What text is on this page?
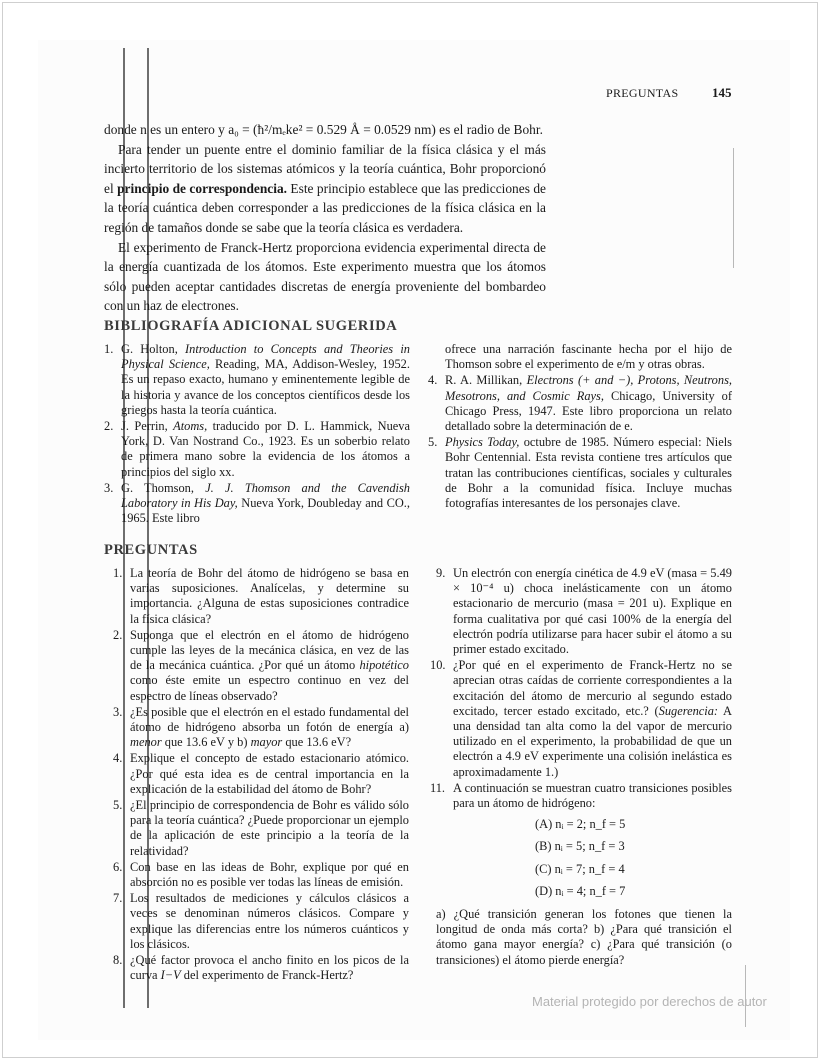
PREGUNTAS	145

donde n es un entero y a₀ = (ħ²/mₑke² = 0.529 Å = 0.0529 nm) es el radio de Bohr.

Para tender un puente entre el dominio familiar de la física clásica y el más incierto territorio de los sistemas atómicos y la teoría cuántica, Bohr proporcionó el principio de correspondencia. Este principio establece que las predicciones de la teoría cuántica deben corresponder a las predicciones de la física clásica en la región de tamaños donde se sabe que la teoría clásica es verdadera.

El experimento de Franck-Hertz proporciona evidencia experimental directa de la energía cuantizada de los átomos. Este experimento muestra que los átomos sólo pueden aceptar cantidades discretas de energía proveniente del bombardeo con un haz de electrones.

BIBLIOGRAFÍA ADICIONAL SUGERIDA
1. G. Holton, Introduction to Concepts and Theories in Physical Science, Reading, MA, Addison-Wesley, 1952. Es un repaso exacto, humano y eminentemente legible de la historia y avance de los conceptos científicos desde los griegos hasta la teoría cuántica.
2. J. Perrin, Atoms, traducido por D. L. Hammick, Nueva York, D. Van Nostrand Co., 1923. Es un soberbio relato de primera mano sobre la evidencia de los átomos a principios del siglo xx.
3. G. Thomson, J. J. Thomson and the Cavendish Laboratory in His Day, Nueva York, Doubleday and CO., 1965. Este libro
ofrece una narración fascinante hecha por el hijo de Thomson sobre el experimento de e/m y otras obras.
4. R. A. Millikan, Electrons (+ and −), Protons, Neutrons, Mesotrons, and Cosmic Rays, Chicago, University of Chicago Press, 1947. Este libro proporciona un relato detallado sobre la determinación de e.
5. Physics Today, octubre de 1985. Número especial: Niels Bohr Centennial. Esta revista contiene tres artículos que tratan las contribuciones científicas, sociales y culturales de Bohr a la comunidad física. Incluye muchas fotografías interesantes de los personajes clave.
PREGUNTAS
1. La teoría de Bohr del átomo de hidrógeno se basa en varias suposiciones. Analícelas, y determine su importancia. ¿Alguna de estas suposiciones contradice la física clásica?
2. Suponga que el electrón en el átomo de hidrógeno cumple las leyes de la mecánica clásica, en vez de las de la mecánica cuántica. ¿Por qué un átomo hipotético como éste emite un espectro continuo en vez del espectro de líneas observado?
3. ¿Es posible que el electrón en el estado fundamental del átomo de hidrógeno absorba un fotón de energía a) menor que 13.6 eV y b) mayor que 13.6 eV?
4. Explique el concepto de estado estacionario atómico. ¿Por qué esta idea es de central importancia en la explicación de la estabilidad del átomo de Bohr?
5. ¿El principio de correspondencia de Bohr es válido sólo para la teoría cuántica? ¿Puede proporcionar un ejemplo de la aplicación de este principio a la teoría de la relatividad?
6. Con base en las ideas de Bohr, explique por qué en absorción no es posible ver todas las líneas de emisión.
7. Los resultados de mediciones y cálculos clásicos a veces se denominan números clásicos. Compare y explique las diferencias entre los números cuánticos y los clásicos.
8. ¿Qué factor provoca el ancho finito en los picos de la curva I−V del experimento de Franck-Hertz?
9. Un electrón con energía cinética de 4.9 eV (masa = 5.49 × 10⁻⁴ u) choca inelásticamente con un átomo estacionario de mercurio (masa = 201 u). Explique en forma cualitativa por qué casi 100% de la energía del electrón podría utilizarse para hacer subir el átomo a su primer estado excitado.
10. ¿Por qué en el experimento de Franck-Hertz no se aprecian otras caídas de corriente correspondientes a la excitación del átomo de mercurio al segundo estado excitado, tercer estado excitado, etc.? (Sugerencia: A una densidad tan alta como la del vapor de mercurio utilizado en el experimento, la probabilidad de que un electrón a 4.9 eV experimente una colisión inelástica es aproximadamente 1.)
11. A continuación se muestran cuatro transiciones posibles para un átomo de hidrógeno:
(A) nᵢ = 2; n_f = 5
(B) nᵢ = 5; n_f = 3
(C) nᵢ = 7; n_f = 4
(D) nᵢ = 4; n_f = 7
a) ¿Qué transición generan los fotones que tienen la longitud de onda más corta? b) ¿Para qué transición el átomo gana mayor energía? c) ¿Para qué transición (o transiciones) el átomo pierde energía?
Material protegido por derechos de autor
